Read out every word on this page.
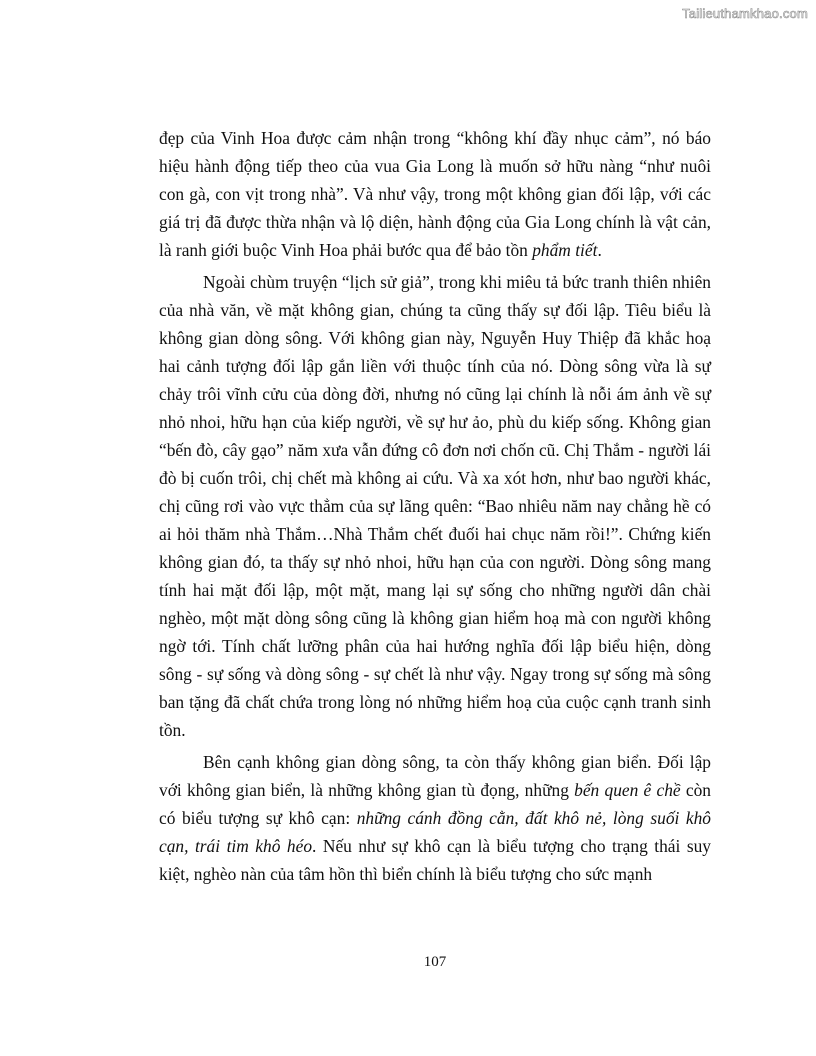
Tailieuthamkhao.com

đẹp của Vinh Hoa được cảm nhận trong “không khí đầy nhục cảm”, nó báo hiệu hành động tiếp theo của vua Gia Long là muốn sở hữu nàng “như nuôi con gà, con vịt trong nhà”. Và như vậy, trong một không gian đối lập, với các giá trị đã được thừa nhận và lộ diện, hành động của Gia Long chính là vật cản, là ranh giới buộc Vinh Hoa phải bước qua để bảo tồn phẩm tiết.

Ngoài chùm truyện “lịch sử giả”, trong khi miêu tả bức tranh thiên nhiên của nhà văn, về mặt không gian, chúng ta cũng thấy sự đối lập. Tiêu biểu là không gian dòng sông. Với không gian này, Nguyễn Huy Thiệp đã khắc hoạ hai cảnh tượng đối lập gắn liền với thuộc tính của nó. Dòng sông vừa là sự chảy trôi vĩnh cửu của dòng đời, nhưng nó cũng lại chính là nỗi ám ảnh về sự nhỏ nhoi, hữu hạn của kiếp người, về sự hư ảo, phù du kiếp sống. Không gian “bến đò, cây gạo” năm xưa vẫn đứng cô đơn nơi chốn cũ. Chị Thắm - người lái đò bị cuốn trôi, chị chết mà không ai cứu. Và xa xót hơn, như bao người khác, chị cũng rơi vào vực thẳm của sự lãng quên: “Bao nhiêu năm nay chẳng hề có ai hỏi thăm nhà Thắm…Nhà Thắm chết đuối hai chục năm rồi!”. Chứng kiến không gian đó, ta thấy sự nhỏ nhoi, hữu hạn của con người. Dòng sông mang tính hai mặt đối lập, một mặt, mang lại sự sống cho những người dân chài nghèo, một mặt dòng sông cũng là không gian hiểm hoạ mà con người không ngờ tới. Tính chất lưỡng phân của hai hướng nghĩa đối lập biểu hiện, dòng sông - sự sống và dòng sông - sự chết là như vậy. Ngay trong sự sống mà sông ban tặng đã chất chứa trong lòng nó những hiểm hoạ của cuộc cạnh tranh sinh tồn.

Bên cạnh không gian dòng sông, ta còn thấy không gian biển. Đối lập với không gian biển, là những không gian tù đọng, những bến quen ê chề còn có biểu tượng sự khô cạn: những cánh đồng cằn, đất khô nẻ, lòng suối khô cạn, trái tim khô héo. Nếu như sự khô cạn là biểu tượng cho trạng thái suy kiệt, nghèo nàn của tâm hồn thì biển chính là biểu tượng cho sức mạnh

107
